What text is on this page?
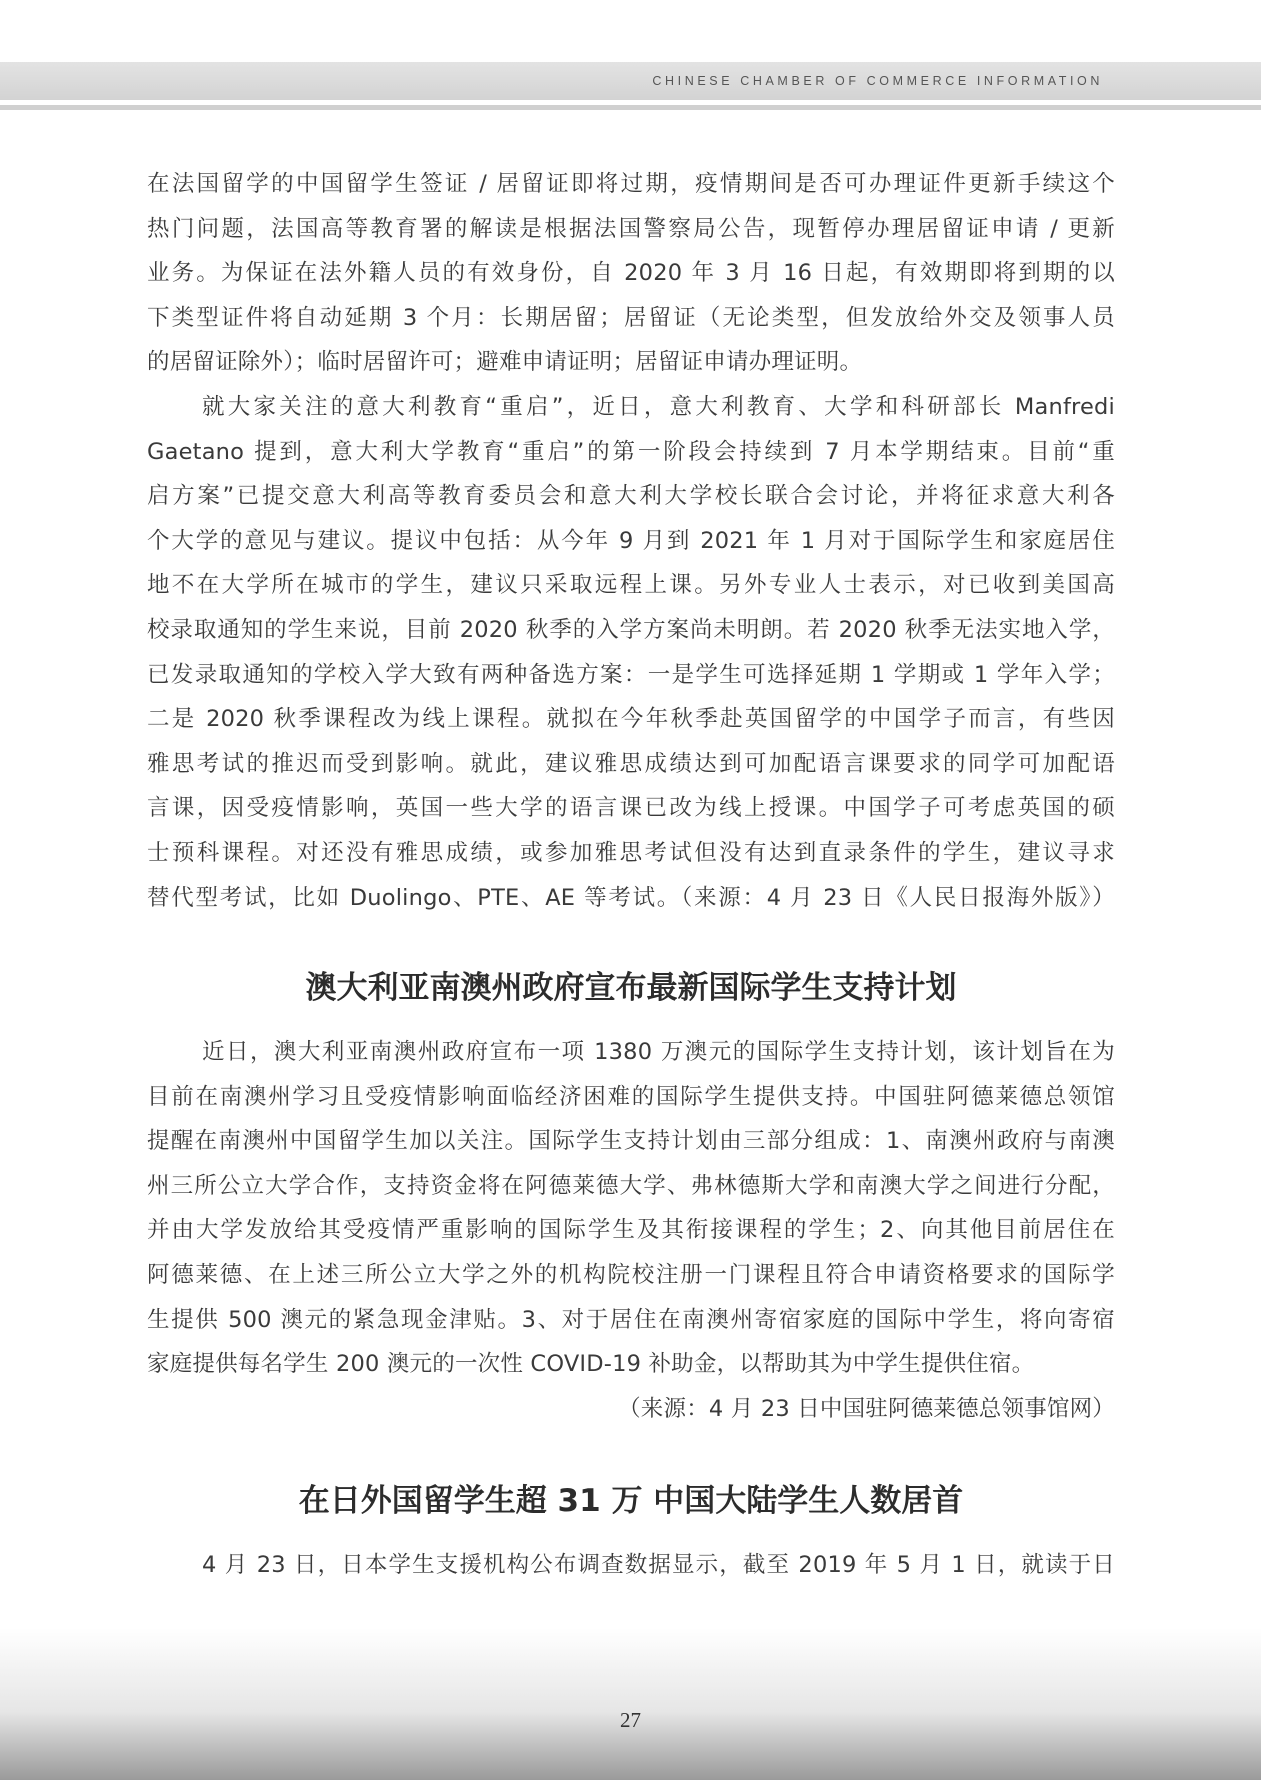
CHINESE CHAMBER OF COMMERCE INFORMATION
在法国留学的中国留学生签证 / 居留证即将过期，疫情期间是否可办理证件更新手续这个
热门问题，法国高等教育署的解读是根据法国警察局公告，现暂停办理居留证申请 / 更新
业务。为保证在法外籍人员的有效身份，自 2020 年 3 月 16 日起，有效期即将到期的以
下类型证件将自动延期 3 个月：长期居留；居留证（无论类型，但发放给外交及领事人员
的居留证除外）；临时居留许可；避难申请证明；居留证申请办理证明。
就大家关注的意大利教育“重启”，近日，意大利教育、大学和科研部长 Manfredi
Gaetano 提到，意大利大学教育“重启”的第一阶段会持续到 7 月本学期结束。目前“重
启方案”已提交意大利高等教育委员会和意大利大学校长联合会讨论，并将征求意大利各
个大学的意见与建议。提议中包括：从今年 9 月到 2021 年 1 月对于国际学生和家庭居住
地不在大学所在城市的学生，建议只采取远程上课。另外专业人士表示，对已收到美国高
校录取通知的学生来说，目前 2020 秋季的入学方案尚未明朗。若 2020 秋季无法实地入学，
已发录取通知的学校入学大致有两种备选方案：一是学生可选择延期 1 学期或 1 学年入学；
二是 2020 秋季课程改为线上课程。就拟在今年秋季赴英国留学的中国学子而言，有些因
雅思考试的推迟而受到影响。就此，建议雅思成绩达到可加配语言课要求的同学可加配语
言课，因受疫情影响，英国一些大学的语言课已改为线上授课。中国学子可考虑英国的硕
士预科课程。对还没有雅思成绩，或参加雅思考试但没有达到直录条件的学生，建议寻求
替代型考试，比如 Duolingo、PTE、AE 等考试。（来源：4 月 23 日《人民日报海外版》）
澳大利亚南澳州政府宣布最新国际学生支持计划
近日，澳大利亚南澳州政府宣布一项 1380 万澳元的国际学生支持计划，该计划旨在为
目前在南澳州学习且受疫情影响面临经济困难的国际学生提供支持。中国驻阿德莱德总领馆
提醒在南澳州中国留学生加以关注。国际学生支持计划由三部分组成：1、南澳州政府与南澳
州三所公立大学合作，支持资金将在阿德莱德大学、弗林德斯大学和南澳大学之间进行分配，
并由大学发放给其受疫情严重影响的国际学生及其衔接课程的学生；2、向其他目前居住在
阿德莱德、在上述三所公立大学之外的机构院校注册一门课程且符合申请资格要求的国际学
生提供 500 澳元的紧急现金津贴。3、对于居住在南澳州寄宿家庭的国际中学生，将向寄宿
家庭提供每名学生 200 澳元的一次性 COVID-19 补助金，以帮助其为中学生提供住宿。
（来源：4 月 23 日中国驻阿德莱德总领事馆网）
在日外国留学生超 31 万 中国大陆学生人数居首
4 月 23 日，日本学生支援机构公布调查数据显示，截至 2019 年 5 月 1 日，就读于日
27
